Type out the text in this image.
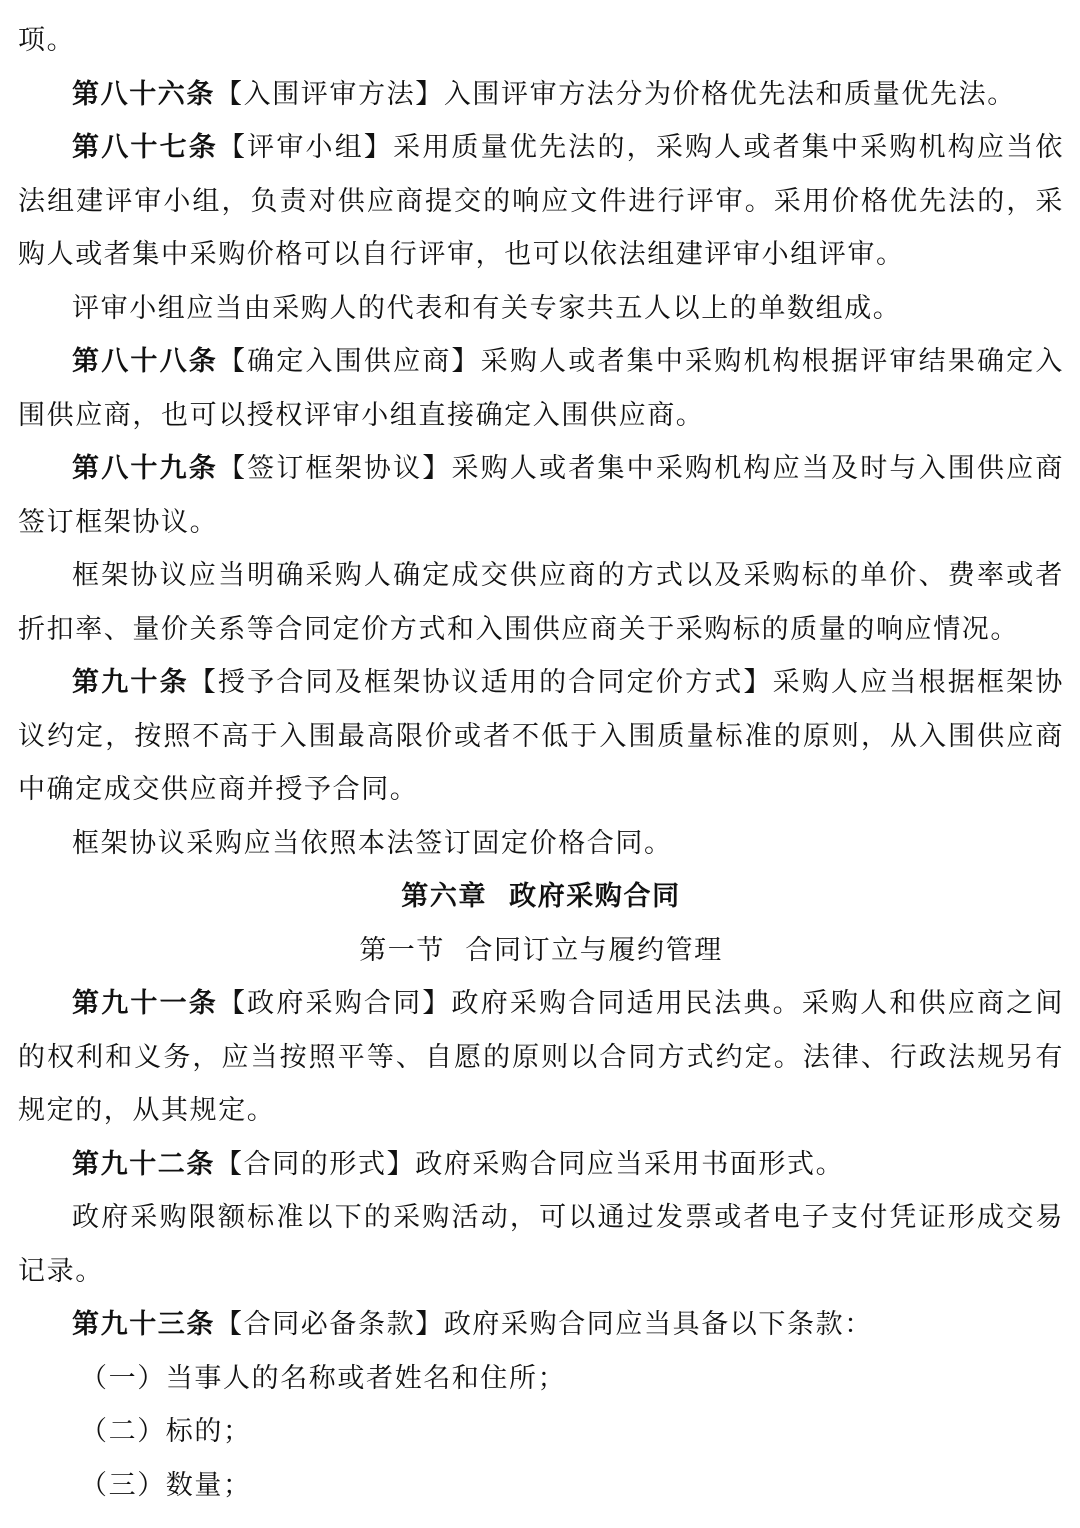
项。

第八十六条【入围评审方法】入围评审方法分为价格优先法和质量优先法。

第八十七条【评审小组】采用质量优先法的，采购人或者集中采购机构应当依法组建评审小组，负责对供应商提交的响应文件进行评审。采用价格优先法的，采购人或者集中采购价格可以自行评审，也可以依法组建评审小组评审。

评审小组应当由采购人的代表和有关专家共五人以上的单数组成。

第八十八条【确定入围供应商】采购人或者集中采购机构根据评审结果确定入围供应商，也可以授权评审小组直接确定入围供应商。

第八十九条【签订框架协议】采购人或者集中采购机构应当及时与入围供应商签订框架协议。

框架协议应当明确采购人确定成交供应商的方式以及采购标的单价、费率或者折扣率、量价关系等合同定价方式和入围供应商关于采购标的质量的响应情况。

第九十条【授予合同及框架协议适用的合同定价方式】采购人应当根据框架协议约定，按照不高于入围最高限价或者不低于入围质量标准的原则，从入围供应商中确定成交供应商并授予合同。

框架协议采购应当依照本法签订固定价格合同。

第六章  政府采购合同

第一节  合同订立与履约管理

第九十一条【政府采购合同】政府采购合同适用民法典。采购人和供应商之间的权利和义务，应当按照平等、自愿的原则以合同方式约定。法律、行政法规另有规定的，从其规定。

第九十二条【合同的形式】政府采购合同应当采用书面形式。

政府采购限额标准以下的采购活动，可以通过发票或者电子支付凭证形成交易记录。

第九十三条【合同必备条款】政府采购合同应当具备以下条款：

（一）当事人的名称或者姓名和住所；

（二）标的；

（三）数量；
